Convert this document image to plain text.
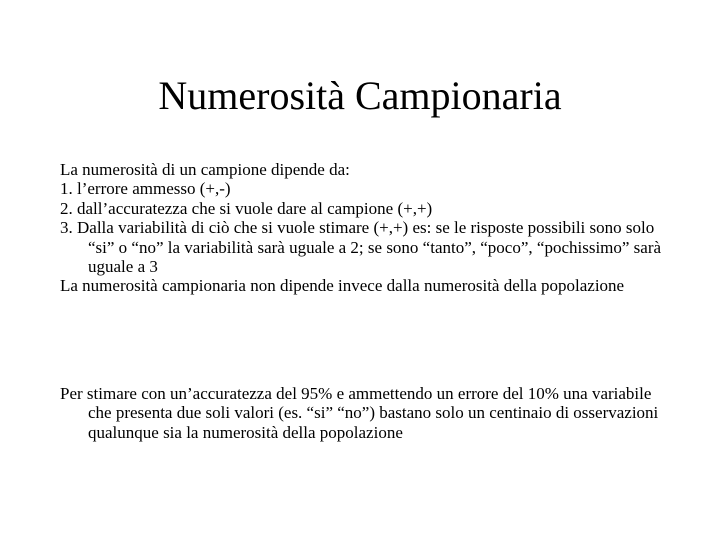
Numerosità Campionaria

La numerosità di un campione dipende da:

1. l’errore ammesso (+,-)

2. dall’accuratezza che si vuole dare al campione (+,+)

3. Dalla variabilità di ciò che si vuole stimare (+,+) es: se le risposte possibili sono solo “si” o “no” la variabilità sarà uguale a 2; se sono “tanto”, “poco”, “pochissimo” sarà uguale a 3

La numerosità campionaria non dipende invece dalla numerosità della popolazione

Per stimare con un’accuratezza del 95% e ammettendo un errore del 10% una variabile che presenta due soli valori (es. “si” “no”) bastano solo un centinaio di osservazioni qualunque sia la numerosità della popolazione
